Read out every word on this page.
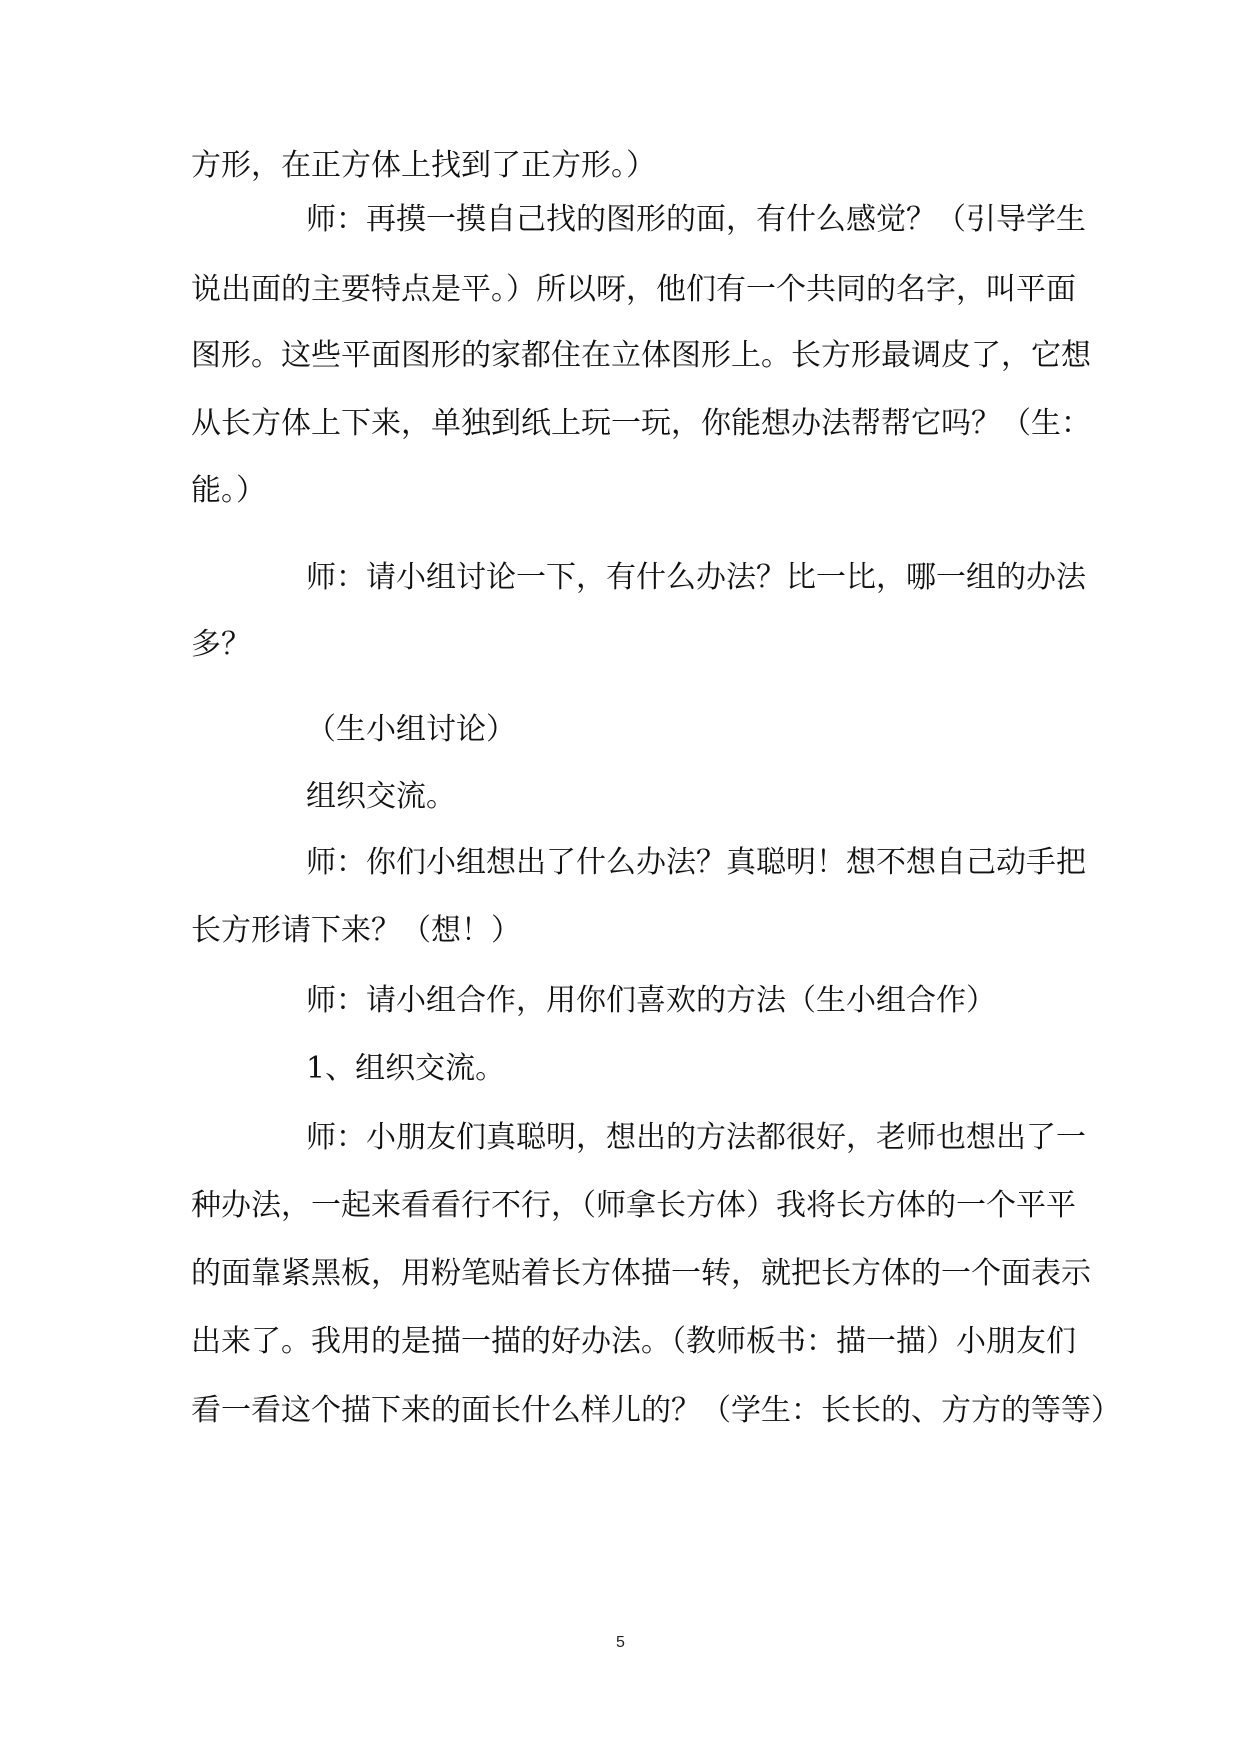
方形，在正方体上找到了正方形。）
师：再摸一摸自己找的图形的面，有什么感觉？（引导学生
说出面的主要特点是平。）所以呀，他们有一个共同的名字，叫平面
图形。这些平面图形的家都住在立体图形上。长方形最调皮了，它想
从长方体上下来，单独到纸上玩一玩，你能想办法帮帮它吗？（生：
能。）
师：请小组讨论一下，有什么办法？比一比，哪一组的办法
多？
（生小组讨论）
组织交流。
师：你们小组想出了什么办法？真聪明！想不想自己动手把
长方形请下来？（想！）
师：请小组合作，用你们喜欢的方法（生小组合作）
1、组织交流。
师：小朋友们真聪明，想出的方法都很好，老师也想出了一
种办法，一起来看看行不行，（师拿长方体）我将长方体的一个平平
的面靠紧黑板，用粉笔贴着长方体描一转，就把长方体的一个面表示
出来了。我用的是描一描的好办法。（教师板书：描一描）小朋友们
看一看这个描下来的面长什么样儿的？（学生：长长的、方方的等等）
5
